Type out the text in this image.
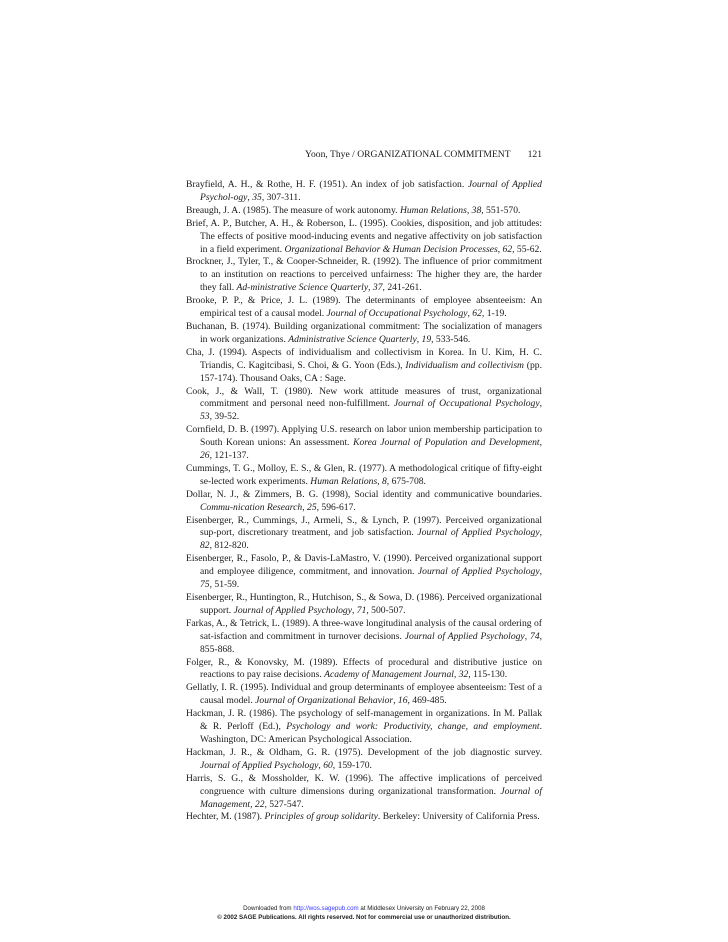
Yoon, Thye / ORGANIZATIONAL COMMITMENT 121

Brayfield, A. H., & Rothe, H. F. (1951). An index of job satisfaction. Journal of Applied Psychol-ogy, 35, 307-311.

Breaugh, J. A. (1985). The measure of work autonomy. Human Relations, 38, 551-570.

Brief, A. P., Butcher, A. H., & Roberson, L. (1995). Cookies, disposition, and job attitudes: The effects of positive mood-inducing events and negative affectivity on job satisfaction in a field experiment. Organizational Behavior & Human Decision Processes, 62, 55-62.

Brockner, J., Tyler, T., & Cooper-Schneider, R. (1992). The influence of prior commitment to an institution on reactions to perceived unfairness: The higher they are, the harder they fall. Ad-ministrative Science Quarterly, 37, 241-261.

Brooke, P. P., & Price, J. L. (1989). The determinants of employee absenteeism: An empirical test of a causal model. Journal of Occupational Psychology, 62, 1-19.

Buchanan, B. (1974). Building organizational commitment: The socialization of managers in work organizations. Administrative Science Quarterly, 19, 533-546.

Cha, J. (1994). Aspects of individualism and collectivism in Korea. In U. Kim, H. C. Triandis, C. Kagitcibasi, S. Choi, & G. Yoon (Eds.), Individualism and collectivism (pp. 157-174). Thousand Oaks, CA : Sage.

Cook, J., & Wall, T. (1980). New work attitude measures of trust, organizational commitment and personal need non-fulfillment. Journal of Occupational Psychology, 53, 39-52.

Cornfield, D. B. (1997). Applying U.S. research on labor union membership participation to South Korean unions: An assessment. Korea Journal of Population and Development, 26, 121-137.

Cummings, T. G., Molloy, E. S., & Glen, R. (1977). A methodological critique of fifty-eight se-lected work experiments. Human Relations, 8, 675-708.

Dollar, N. J., & Zimmers, B. G. (1998), Social identity and communicative boundaries. Commu-nication Research, 25, 596-617.

Eisenberger, R., Cummings, J., Armeli, S., & Lynch, P. (1997). Perceived organizational sup-port, discretionary treatment, and job satisfaction. Journal of Applied Psychology, 82, 812-820.

Eisenberger, R., Fasolo, P., & Davis-LaMastro, V. (1990). Perceived organizational support and employee diligence, commitment, and innovation. Journal of Applied Psychology, 75, 51-59.

Eisenberger, R., Huntington, R., Hutchison, S., & Sowa, D. (1986). Perceived organizational support. Journal of Applied Psychology, 71, 500-507.

Farkas, A., & Tetrick, L. (1989). A three-wave longitudinal analysis of the causal ordering of sat-isfaction and commitment in turnover decisions. Journal of Applied Psychology, 74, 855-868.

Folger, R., & Konovsky, M. (1989). Effects of procedural and distributive justice on reactions to pay raise decisions. Academy of Management Journal, 32, 115-130.

Gellatly, I. R. (1995). Individual and group determinants of employee absenteeism: Test of a causal model. Journal of Organizational Behavior, 16, 469-485.

Hackman, J. R. (1986). The psychology of self-management in organizations. In M. Pallak & R. Perloff (Ed.), Psychology and work: Productivity, change, and employment. Washington, DC: American Psychological Association.

Hackman, J. R., & Oldham, G. R. (1975). Development of the job diagnostic survey. Journal of Applied Psychology, 60, 159-170.

Harris, S. G., & Mossholder, K. W. (1996). The affective implications of perceived congruence with culture dimensions during organizational transformation. Journal of Management, 22, 527-547.

Hechter, M. (1987). Principles of group solidarity. Berkeley: University of California Press.

Downloaded from http://wos.sagepub.com at Middlesex University on February 22, 2008
© 2002 SAGE Publications. All rights reserved. Not for commercial use or unauthorized distribution.
